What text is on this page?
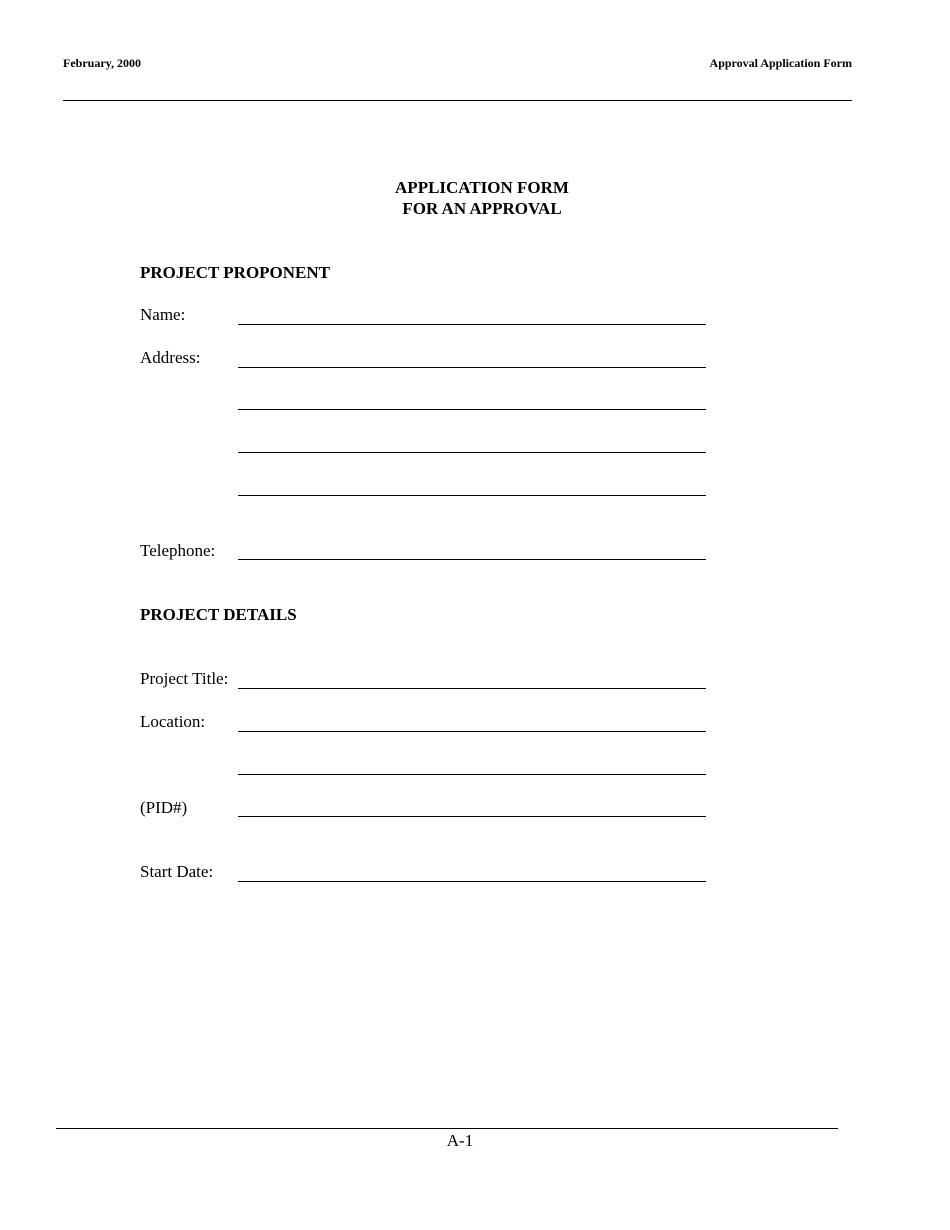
February, 2000	Approval Application Form
APPLICATION FORM
FOR AN APPROVAL
PROJECT PROPONENT
Name:
Address:
Telephone:
PROJECT DETAILS
Project Title:
Location:
(PID#)
Start Date:
A-1
